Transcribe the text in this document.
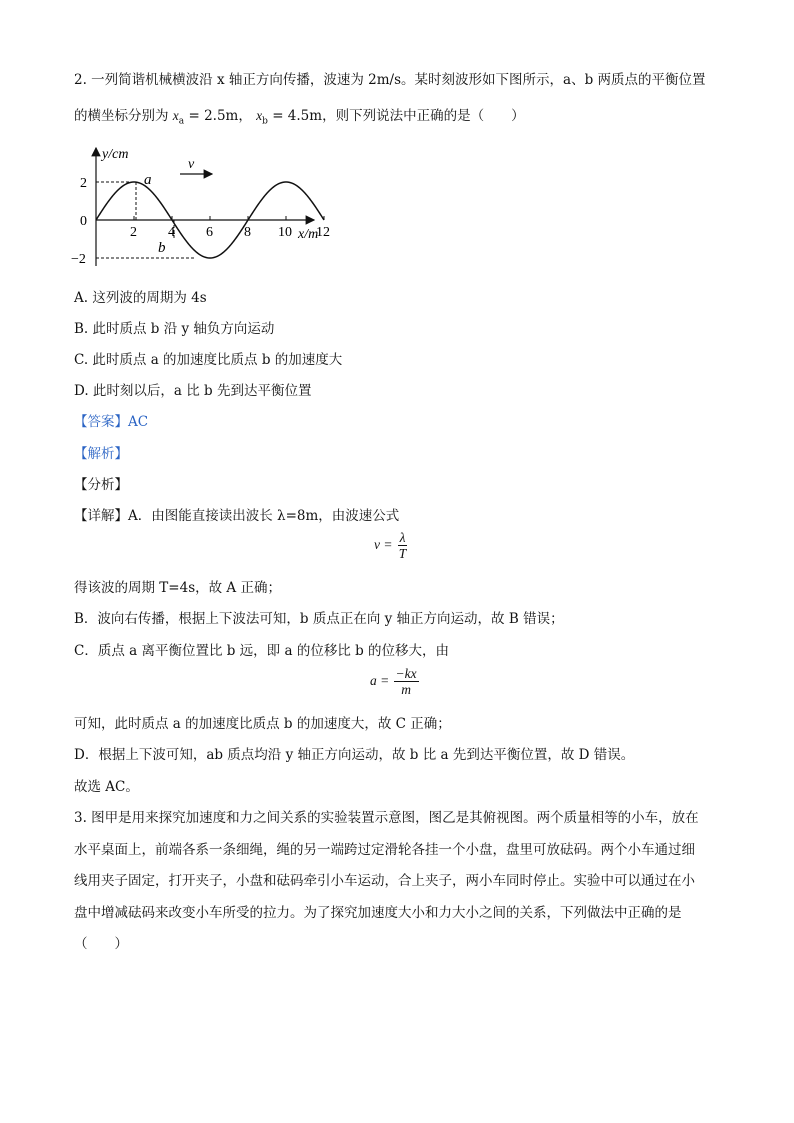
2. 一列简谐机械横波沿 x 轴正方向传播，波速为 2m/s。某时刻波形如下图所示，a、b 两质点的平衡位置
的横坐标分别为 $x_a = 2.5m$， $x_b = 4.5m$，则下列说法中正确的是（　　）
y/cm
x/m
v
a
b
2
0
−2
2 4 6 8 10 12
A. 这列波的周期为 4s
B. 此时质点 b 沿 y 轴负方向运动
C. 此时质点 a 的加速度比质点 b 的加速度大
D. 此时刻以后，a 比 b 先到达平衡位置
【答案】AC
【解析】
【分析】
【详解】A．由图能直接读出波长 λ=8m，由波速公式
$v = \frac{\lambda}{T}$
得该波的周期 T=4s，故 A 正确；
B．波向右传播，根据上下波法可知，b 质点正在向 y 轴正方向运动，故 B 错误；
C．质点 a 离平衡位置比 b 远，即 a 的位移比 b 的位移大，由
$a = \frac{-kx}{m}$
可知，此时质点 a 的加速度比质点 b 的加速度大，故 C 正确；
D．根据上下波可知，ab 质点均沿 y 轴正方向运动，故 b 比 a 先到达平衡位置，故 D 错误。
故选 AC。
3. 图甲是用来探究加速度和力之间关系的实验装置示意图，图乙是其俯视图。两个质量相等的小车，放在
水平桌面上，前端各系一条细绳，绳的另一端跨过定滑轮各挂一个小盘，盘里可放砝码。两个小车通过细
线用夹子固定，打开夹子，小盘和砝码牵引小车运动，合上夹子，两小车同时停止。实验中可以通过在小
盘中增减砝码来改变小车所受的拉力。为了探究加速度大小和力大小之间的关系，下列做法中正确的是
（　　）
